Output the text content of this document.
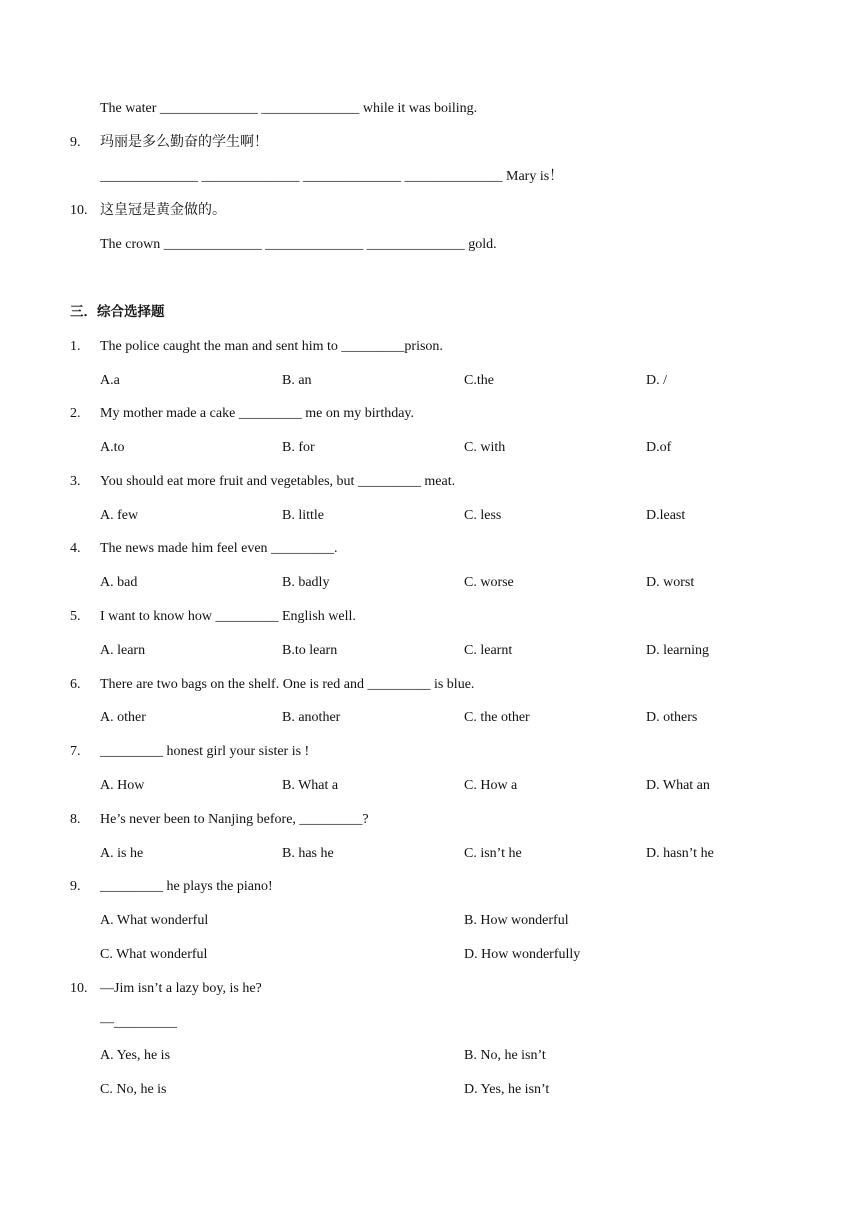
The water ______________ ______________ while it was boiling.
9. 玛丽是多么勤奋的学生啊！
______________ ______________ ______________ ______________ Mary is！
10. 这皇冠是黄金做的。
The crown ______________ ______________ ______________ gold.
三．综合选择题
1. The police caught the man and sent him to _________prison.
A.a	B. an	C.the	D. /
2. My mother made a cake _________ me on my birthday.
A.to	B. for	C. with	D.of
3. You should eat more fruit and vegetables, but _________ meat.
A. few	B. little	C. less	D.least
4. The news made him feel even _________.
A. bad	B. badly	C. worse	D. worst
5. I want to know how _________ English well.
A. learn	B.to learn	C. learnt	D. learning
6. There are two bags on the shelf. One is red and _________ is blue.
A. other	B. another	C. the other	D. others
7. _________ honest girl your sister is !
A. How	B. What a	C. How a	D. What an
8. He’s never been to Nanjing before, _________?
A. is he	B. has he	C. isn’t he	D. hasn’t he
9. _________ he plays the piano!
A. What wonderful	B. How wonderful
C. What wonderful	D. How wonderfully
10. —Jim isn’t a lazy boy, is he?
—_________
A. Yes, he is	B. No, he isn’t
C. No, he is	D. Yes, he isn’t
